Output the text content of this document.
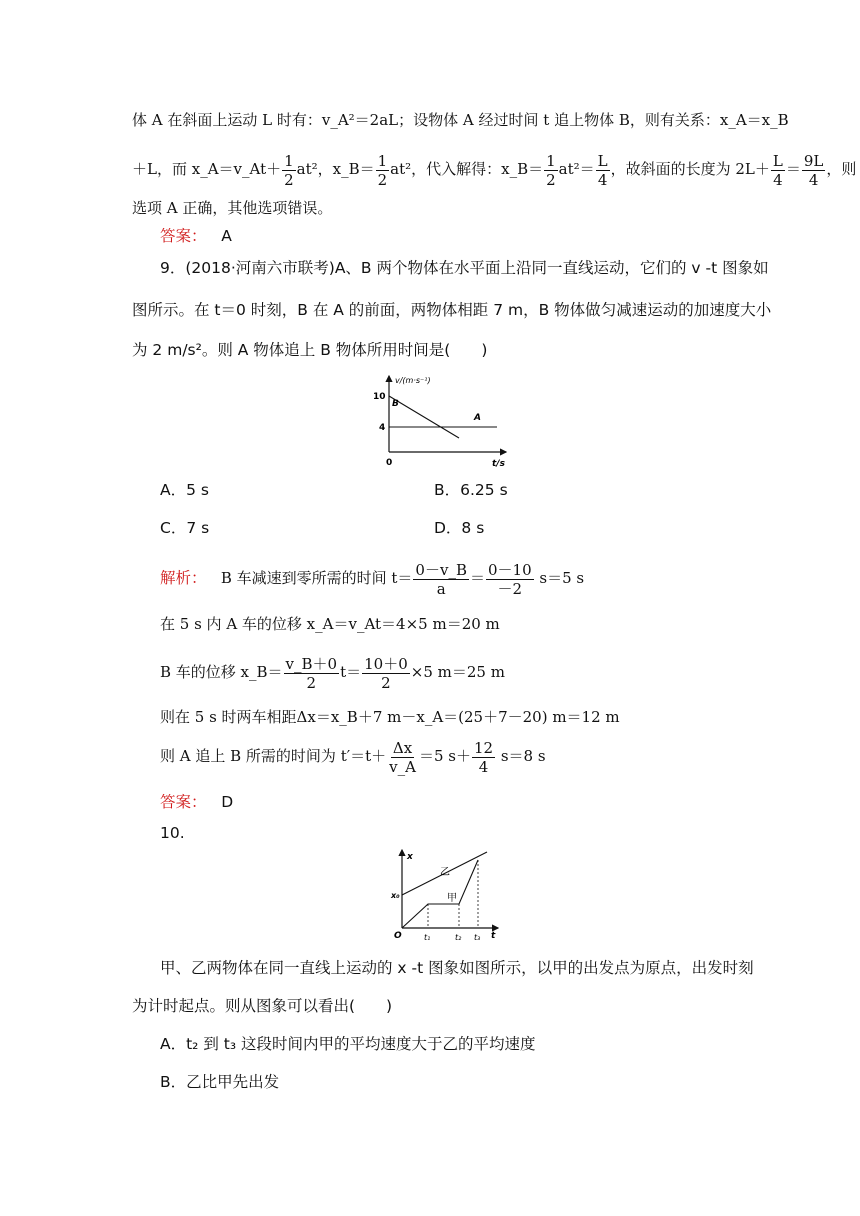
体 A 在斜面上运动 L 时有：v_A²＝2aL；设物体 A 经过时间 t 追上物体 B，则有关系：x_A＝x_B
＋L，而 x_A＝v_At＋ $\frac{1}{2} at^2$，x_B＝ $\frac{1}{2} at^2$，代入解得：x_B＝ $\frac{1}{2} at^2= \frac{L}{4}$ ，故斜面的长度为 $2L+ \frac{L}{4} = \frac{9L}{4}$ ，则
选项 A 正确，其他选项错误。
答案： A
9．(2018·河南六市联考)A、B 两个物体在水平面上沿同一直线运动，它们的 v -t 图象如
图所示。在 t＝0 时刻，B 在 A 的前面，两物体相距 7 m，B 物体做匀减速运动的加速度大小
为 2 m/s²。则 A 物体追上 B 物体所用时间是(　　)
v/(m·s⁻¹)
t/s
0
10
4
B
A
A．5 s	B．6.25 s
C．7 s	D．8 s
解析： B 车减速到零所需的时间 $t= \frac{0-v\_B}{a} = \frac{0-10}{-2} s=5$ s
在 5 s 内 A 车的位移 x_A＝v_At＝4×5 m＝20 m
B 车的位移 x_B＝ $\frac{v\_B+0}{2} t= \frac{10+0}{2} \times 5$ m＝25 m
则在 5 s 时两车相距Δx＝x_B＋7 m－x_A＝(25＋7－20) m＝12 m
则 A 追上 B 所需的时间为 $t'=t+ \frac{\Delta x}{v\_A} =5$ $s+ \frac{12}{4} s=8$ s
答案： D
10.
x
t
O
x₀
t₁	t₂ t₃
乙
甲
甲、乙两物体在同一直线上运动的 x -t 图象如图所示，以甲的出发点为原点，出发时刻
为计时起点。则从图象可以看出(　　)
A．t₂ 到 t₃ 这段时间内甲的平均速度大于乙的平均速度
B．乙比甲先出发
